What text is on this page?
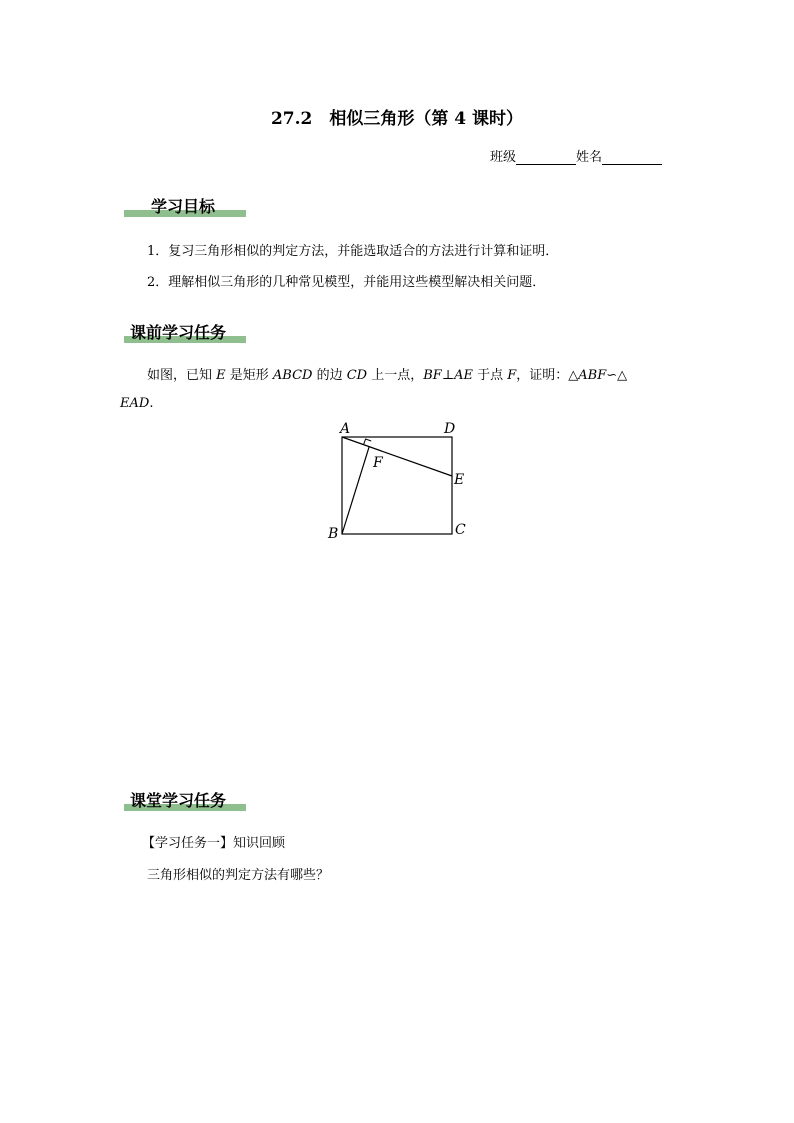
27.2　相似三角形（第 4 课时）
班级	姓名
学习目标
1．复习三角形相似的判定方法，并能选取适合的方法进行计算和证明．
2．理解相似三角形的几种常见模型，并能用这些模型解决相关问题．
课前学习任务
如图，已知 E 是矩形 ABCD 的边 CD 上一点，BF⊥AE 于点 F，证明：△ABF∽△
EAD.
A	D
F
E
B	C
课堂学习任务
【学习任务一】知识回顾
三角形相似的判定方法有哪些？
